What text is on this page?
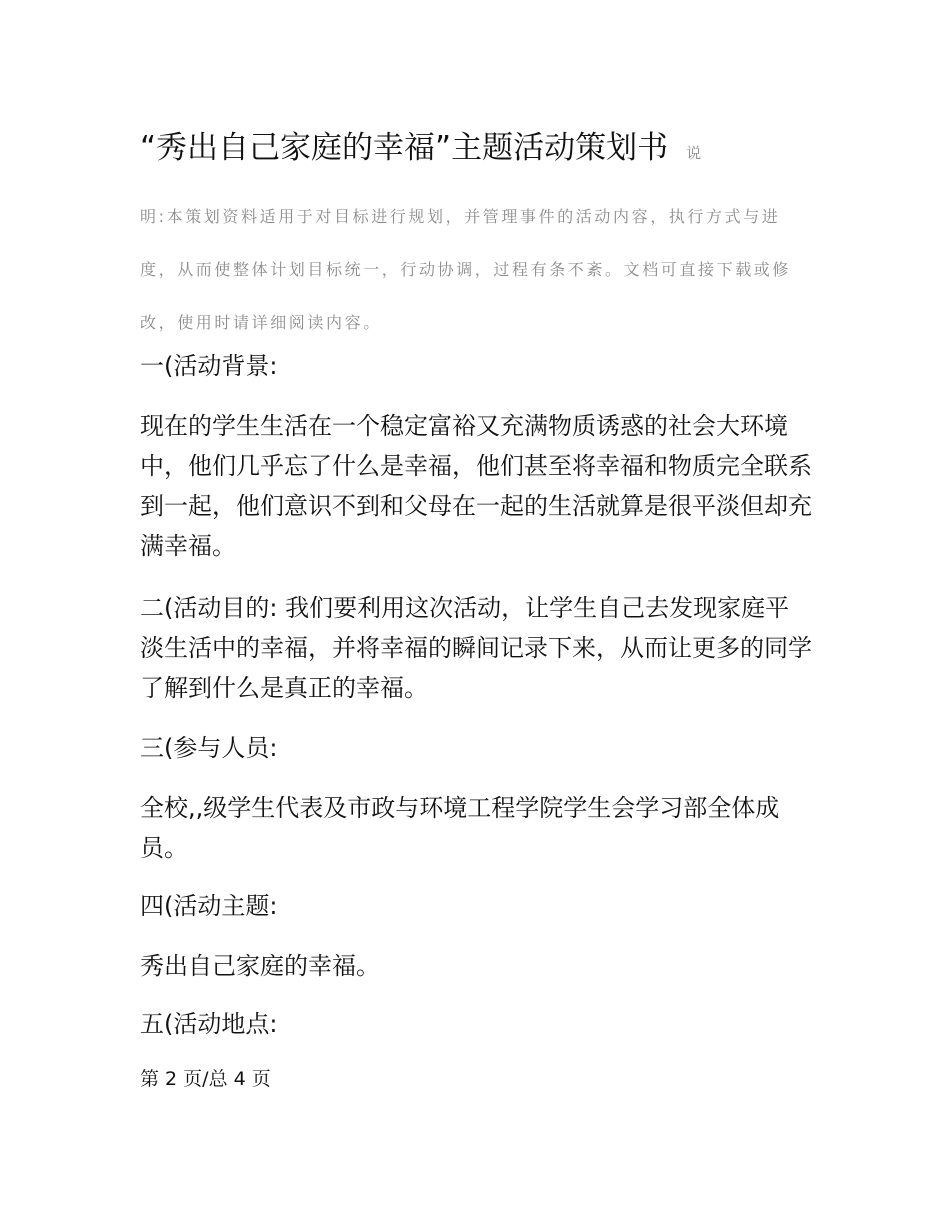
“秀出自己家庭的幸福”主题活动策划书 说
明:本策划资料适用于对目标进行规划，并管理事件的活动内容，执行方式与进度，从而使整体计划目标统一，行动协调，过程有条不紊。文档可直接下载或修改，使用时请详细阅读内容。
一(活动背景:
现在的学生生活在一个稳定富裕又充满物质诱惑的社会大环境中，他们几乎忘了什么是幸福，他们甚至将幸福和物质完全联系到一起，他们意识不到和父母在一起的生活就算是很平淡但却充满幸福。
二(活动目的: 我们要利用这次活动，让学生自己去发现家庭平淡生活中的幸福，并将幸福的瞬间记录下来，从而让更多的同学了解到什么是真正的幸福。
三(参与人员:
全校,,级学生代表及市政与环境工程学院学生会学习部全体成员。
四(活动主题:
秀出自己家庭的幸福。
五(活动地点:
第 2 页/总 4 页
